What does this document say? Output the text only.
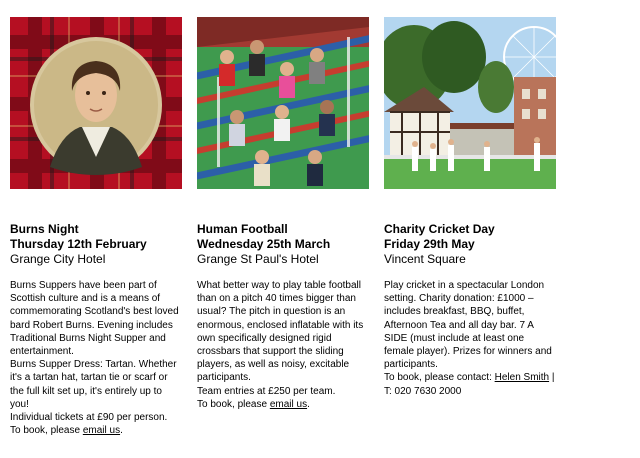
Burns Night
Thursday 12th February
Grange City Hotel

Burns Suppers have been part of Scottish culture and is a means of commemorating Scotland's best loved bard Robert Burns. Evening includes Traditional Burns Night Supper and entertainment.

Burns Supper Dress: Tartan. Whether it's a tartan hat, tartan tie or scarf or the full kilt set up, it's entirely up to you!

Individual tickets at £90 per person.

To book, please email us.

Human Football
Wednesday 25th March
Grange St Paul's Hotel

What better way to play table football than on a pitch 40 times bigger than usual? The pitch in question is an enormous, enclosed inflatable with its own specifically designed rigid crossbars that support the sliding players, as well as noisy, excitable participants.

Team entries at £250 per team.

To book, please email us.

Charity Cricket Day
Friday 29th May
Vincent Square

Play cricket in a spectacular London setting. Charity donation: £1000 – includes breakfast, BBQ, buffet, Afternoon Tea and all day bar. 7 A SIDE (must include at least one female player). Prizes for winners and participants.

To book, please contact: Helen Smith | T: 020 7630 2000
